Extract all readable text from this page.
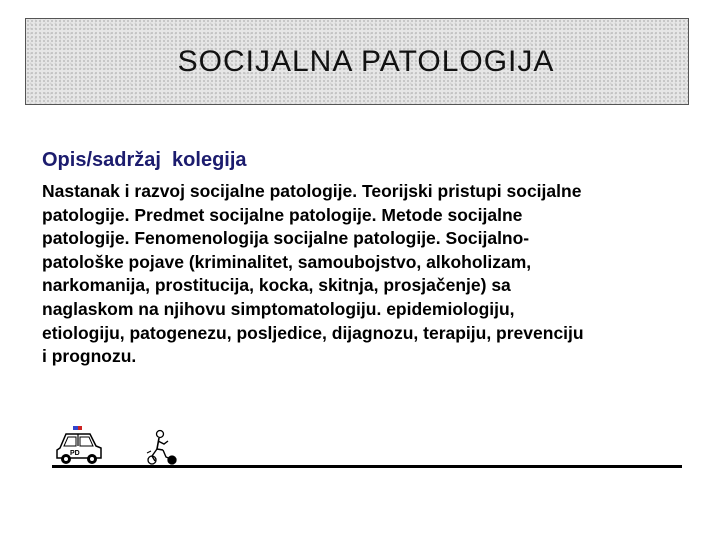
SOCIJALNA PATOLOGIJA
Opis/sadržaj  kolegija
Nastanak i razvoj socijalne patologije. Teorijski pristupi socijalne
patologije. Predmet socijalne patologije. Metode socijalne
patologije. Fenomenologija socijalne patologije. Socijalno-
patološke pojave (kriminalitet, samoubojstvo, alkoholizam,
narkomanija, prostitucija, kocka, skitnja, prosjačenje) sa
naglaskom na njihovu simptomatologiju. epidemiologiju,
etiologiju, patogenezu, posljedice, dijagnozu, terapiju, prevenciju
i prognozu.
PD
